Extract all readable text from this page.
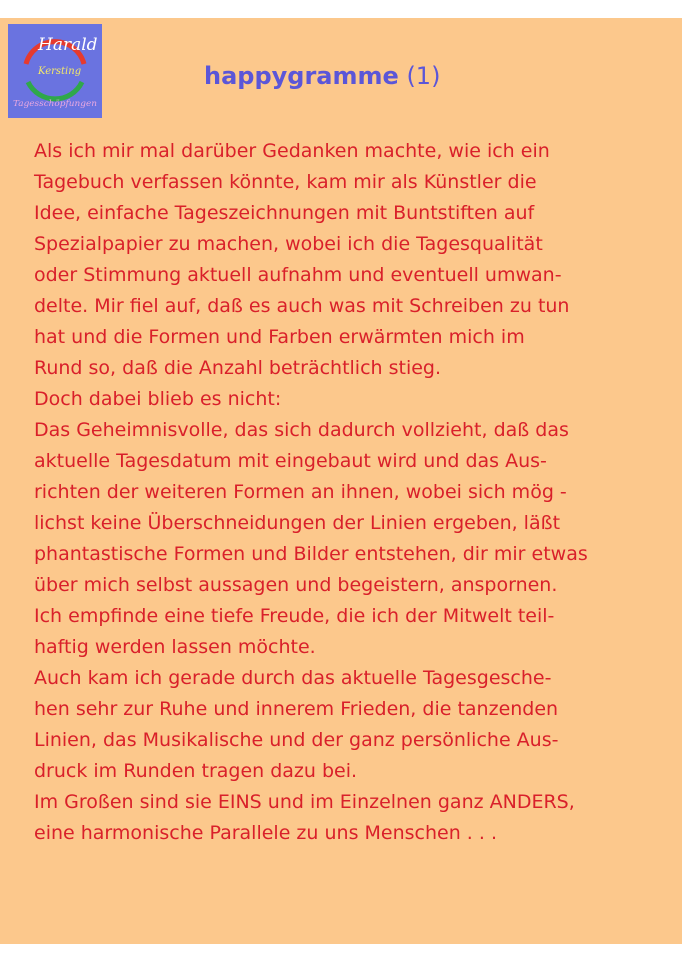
Harald
Kersting
Tagesschöpfungen
happygramme (1)
Als ich mir mal darüber Gedanken machte, wie ich ein
Tagebuch verfassen könnte, kam mir als Künstler die
Idee, einfache Tageszeichnungen mit Buntstiften auf
Spezialpapier zu machen, wobei ich die Tagesqualität
oder Stimmung aktuell aufnahm und eventuell umwan-
delte. Mir fiel auf, daß es auch was mit Schreiben zu tun
hat und die Formen und Farben erwärmten mich im
Rund so, daß die Anzahl beträchtlich stieg.
Doch dabei blieb es nicht:
Das Geheimnisvolle, das sich dadurch vollzieht, daß das
aktuelle Tagesdatum mit eingebaut wird und das Aus-
richten der weiteren Formen an ihnen, wobei sich mög -
lichst keine Überschneidungen der Linien ergeben, läßt
phantastische Formen und Bilder entstehen, dir mir etwas
über mich selbst aussagen und begeistern, anspornen.
Ich empfinde eine tiefe Freude, die ich der Mitwelt teil-
haftig werden lassen möchte.
Auch kam ich gerade durch das aktuelle Tagesgesche-
hen sehr zur Ruhe und innerem Frieden, die tanzenden
Linien, das Musikalische und der ganz persönliche Aus-
druck im Runden tragen dazu bei.
Im Großen sind sie EINS und im Einzelnen ganz ANDERS,
eine harmonische Parallele zu uns Menschen . . .
